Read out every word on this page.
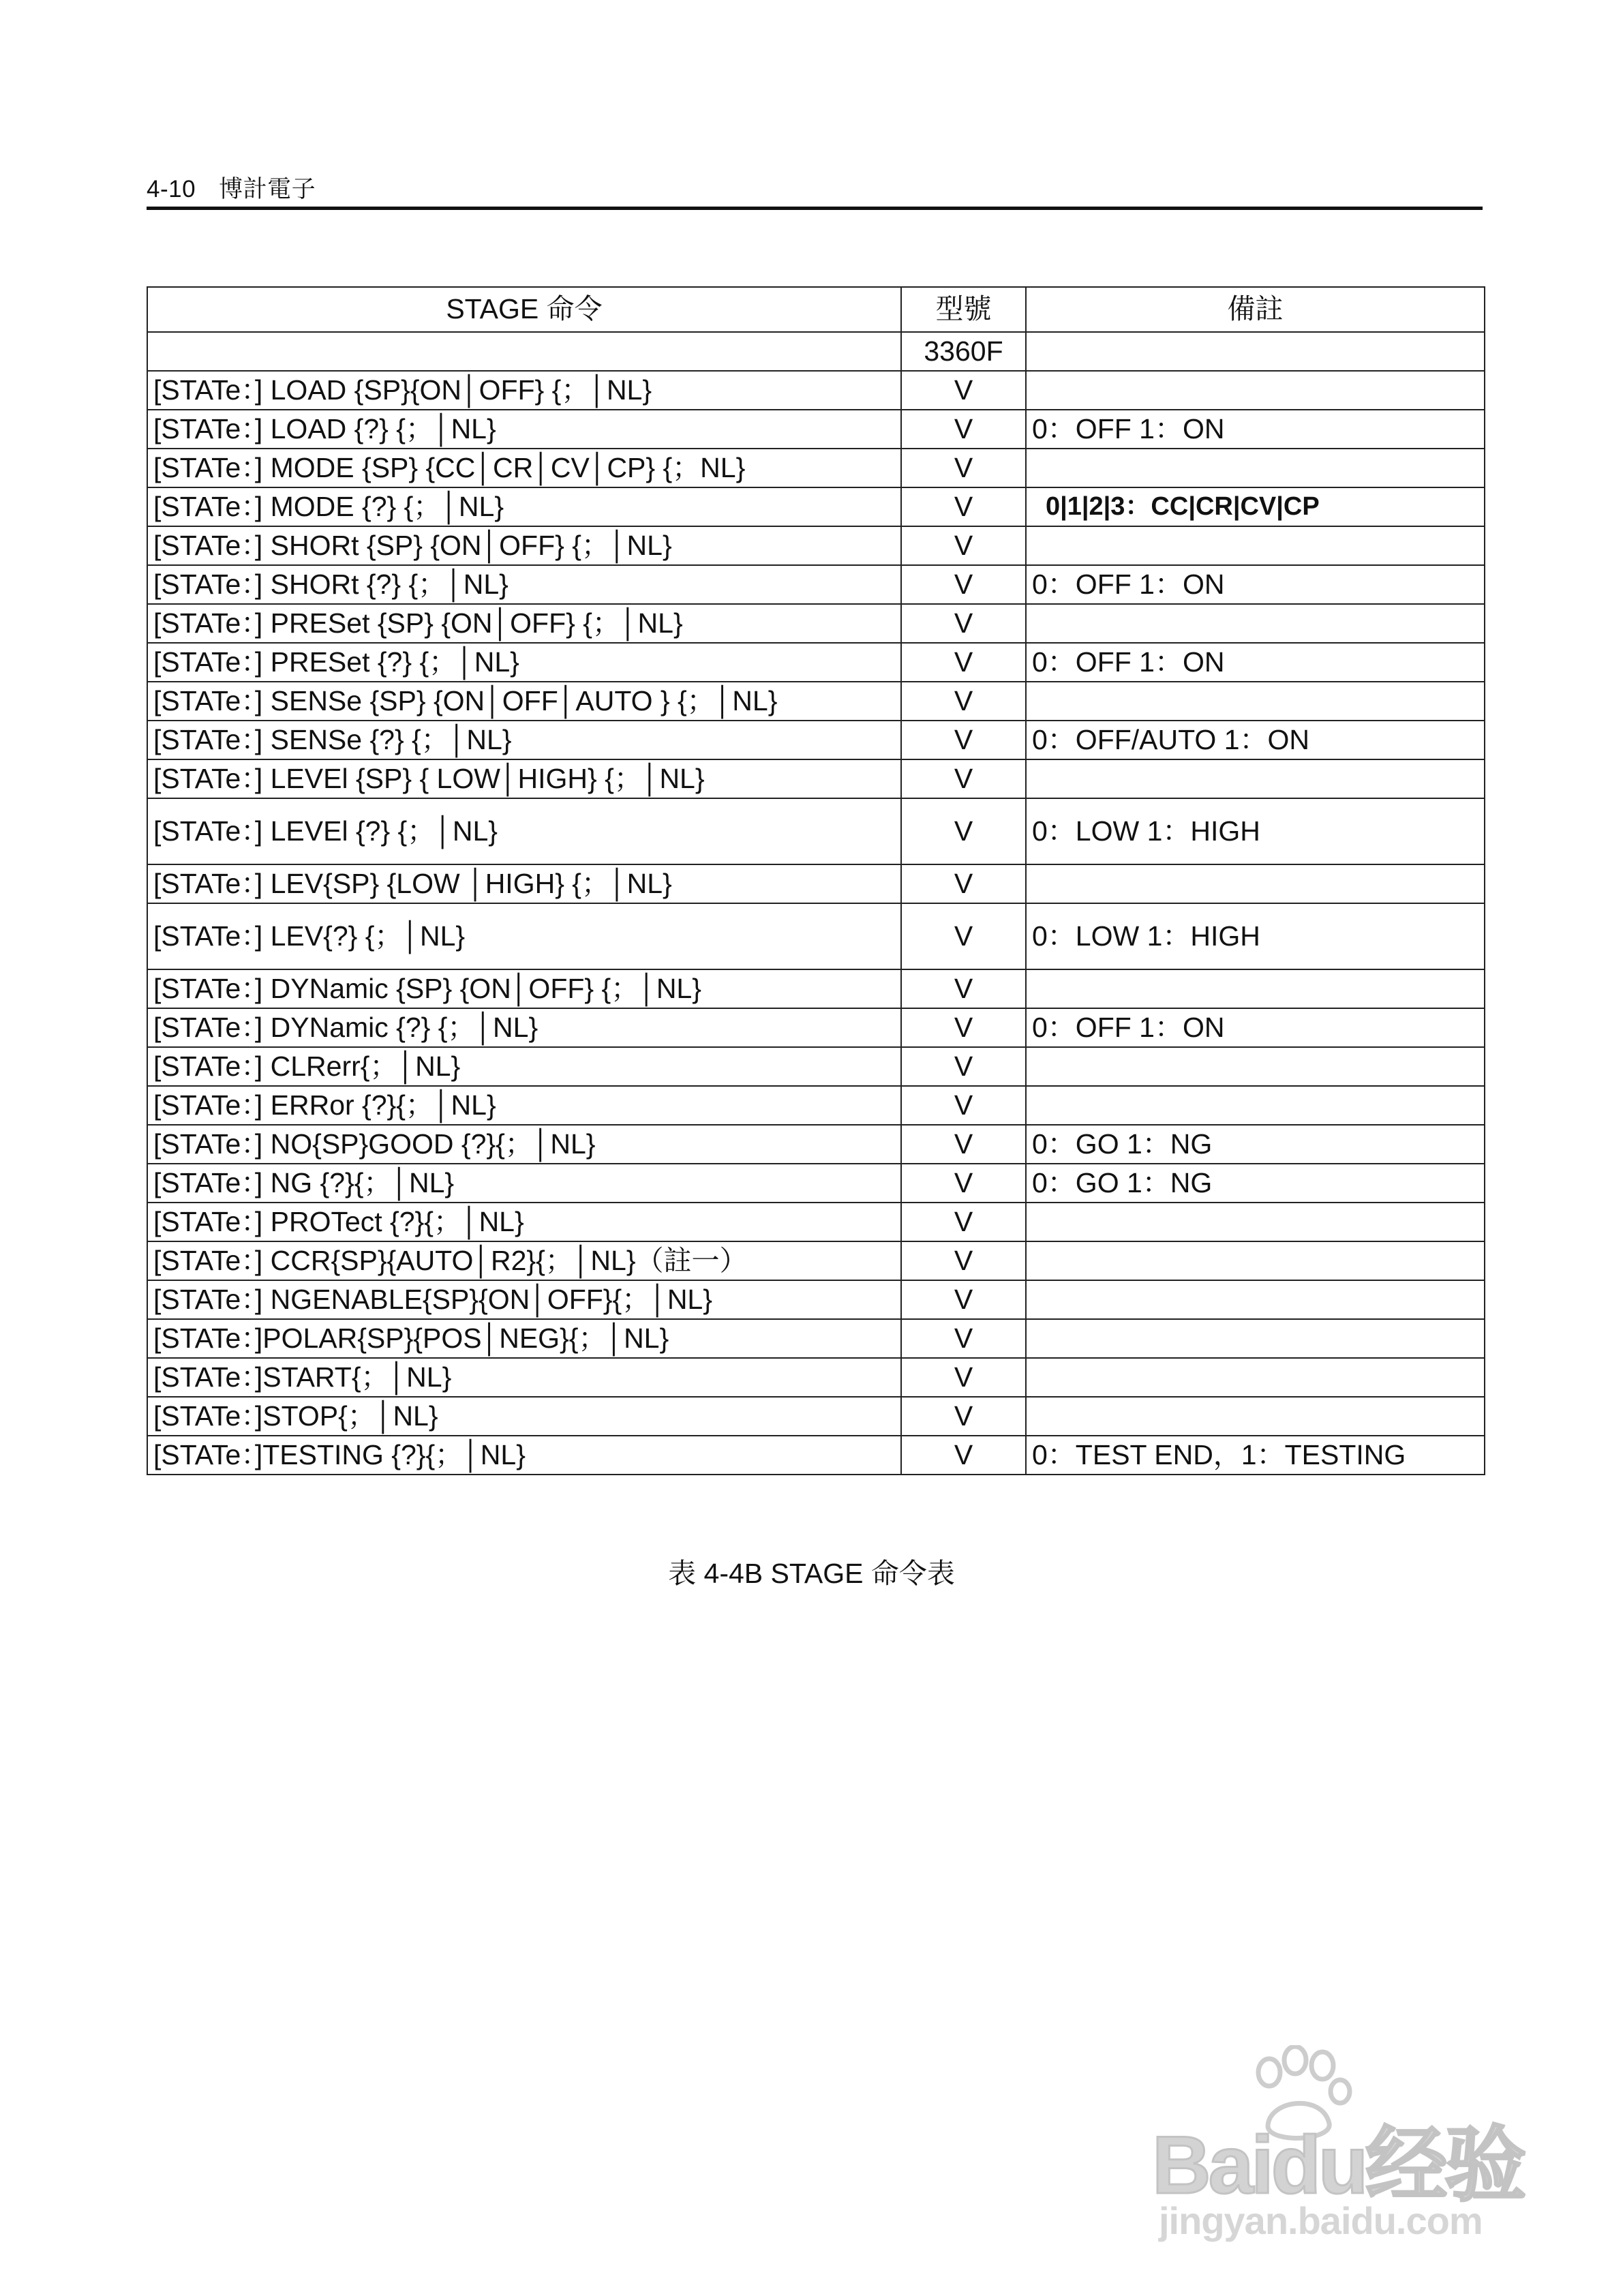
4-10 博計電子
STAGE 命令	型號	備註
	3360F	
[STATe：] LOAD {SP}{ON│OFF} {；│NL}	V	
[STATe：] LOAD {?} {；│NL}	V	0：OFF 1：ON
[STATe：] MODE {SP} {CC│CR│CV│CP} {；NL}	V	
[STATe：] MODE {?} {；│NL}	V	0|1|2|3：CC|CR|CV|CP
[STATe：] SHORt {SP} {ON│OFF} {；│NL}	V	
[STATe：] SHORt {?} {；│NL}	V	0：OFF 1：ON
[STATe：] PRESet {SP} {ON│OFF} {；│NL}	V	
[STATe：] PRESet {?} {；│NL}	V	0：OFF 1：ON
[STATe：] SENSe {SP} {ON│OFF│AUTO } {；│NL}	V	
[STATe：] SENSe {?} {；│NL}	V	0：OFF/AUTO 1：ON
[STATe：] LEVEl {SP} { LOW│HIGH} {；│NL}	V	
[STATe：] LEVEl {?} {；│NL}	V	0：LOW 1：HIGH
[STATe：] LEV{SP} {LOW │HIGH} {；│NL}	V	
[STATe：] LEV{?} {；│NL}	V	0：LOW 1：HIGH
[STATe：] DYNamic {SP} {ON│OFF} {；│NL}	V	
[STATe：] DYNamic {?} {；│NL}	V	0：OFF 1：ON
[STATe：] CLRerr{；│NL}	V	
[STATe：] ERRor {?}{；│NL}	V	
[STATe：] NO{SP}GOOD {?}{；│NL}	V	0：GO 1：NG
[STATe：] NG {?}{；│NL}	V	0：GO 1：NG
[STATe：] PROTect {?}{；│NL}	V	
[STATe：] CCR{SP}{AUTO│R2}{；│NL}（註一）	V	
[STATe：] NGENABLE{SP}{ON│OFF}{；│NL}	V	
[STATe：]POLAR{SP}{POS│NEG}{；│NL}	V	
[STATe：]START{；│NL}	V	
[STATe：]STOP{；│NL}	V	
[STATe：]TESTING {?}{；│NL}	V	0：TEST END，1：TESTING
表 4-4B STAGE 命令表
Baidu经验
jingyan.baidu.com
